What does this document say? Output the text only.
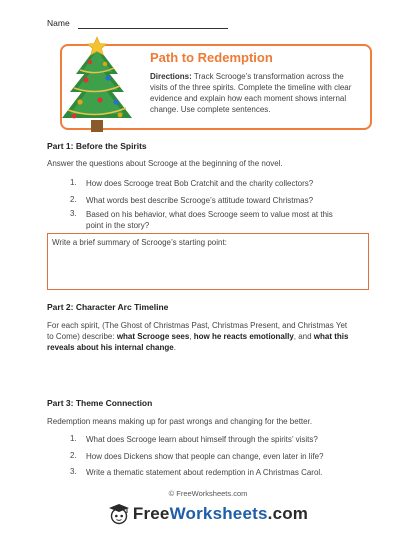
Name
Path to Redemption
Directions: Track Scrooge’s transformation across the visits of the three spirits. Complete the timeline with clear evidence and explain how each moment shows internal change. Use complete sentences.
Part 1: Before the Spirits
Answer the questions about Scrooge at the beginning of the novel.
1. How does Scrooge treat Bob Cratchit and the charity collectors?
2. What words best describe Scrooge’s attitude toward Christmas?
3. Based on his behavior, what does Scrooge seem to value most at this
point in the story?
Write a brief summary of Scrooge’s starting point:
Part 2: Character Arc Timeline
For each spirit, (The Ghost of Christmas Past, Christmas Present, and Christmas Yet
to Come) describe: what Scrooge sees, how he reacts emotionally, and what this
reveals about his internal change.
Part 3: Theme Connection
Redemption means making up for past wrongs and changing for the better.
1. What does Scrooge learn about himself through the spirits’ visits?
2. How does Dickens show that people can change, even later in life?
3. Write a thematic statement about redemption in A Christmas Carol.
© FreeWorksheets.com
FreeWorksheets.com
